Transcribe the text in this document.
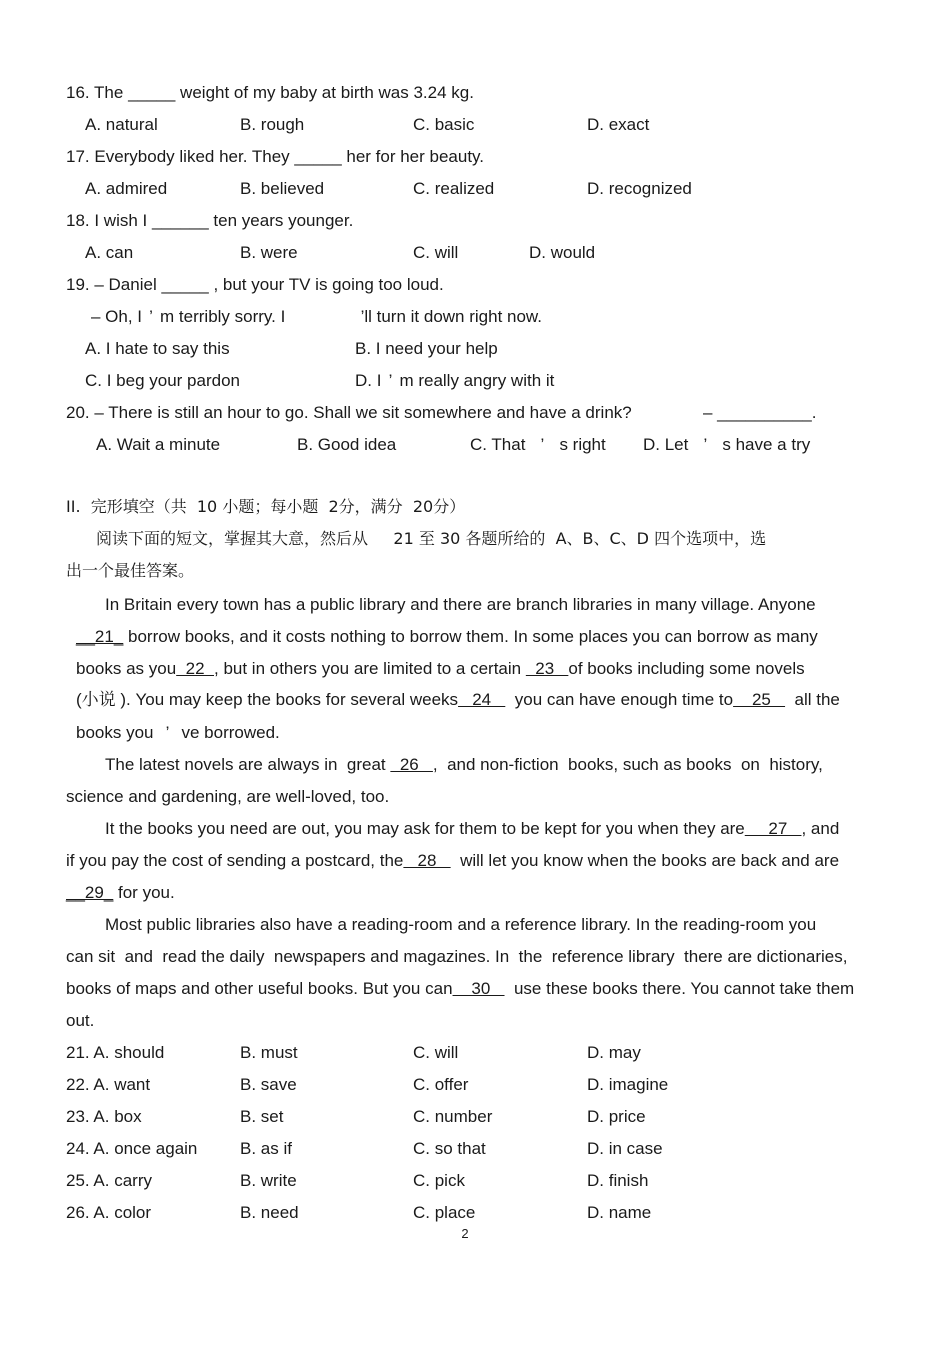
16. The _____ weight of my baby at birth was 3.24 kg.
A. natural	B. rough	C. basic	D. exact
17. Everybody liked her. They _____ her for her beauty.
A. admired	B. believed	C. realized	D. recognized
18. I wish I ______ ten years younger.
A. can	B. were	C. will	D. would
19. – Daniel _____ , but your TV is going too loud.
– Oh, I ’ m terribly sorry. I	’ll turn it down right now.
A. I hate to say this	B. I need your help
C. I beg your pardon	D. I ’ m really angry with it
20. – There is still an hour to go. Shall we sit somewhere and have a drink?	– __________.
A. Wait a minute	B. Good idea	C. That ’ s right D. Let ’ s have a try
II.  完形填空（共  10 小题；每小题  2分，满分  20分）
阅读下面的短文，掌握其大意，然后从     21 至 30 各题所给的  A、B、C、D 四个选项中，选
出一个最佳答案。
In Britain every town has a public library and there are branch libraries in many village. Anyone
__21_ borrow books, and it costs nothing to borrow them. In some places you can borrow as many
books as you  22  , but in others you are limited to a certain   23   of books including some novels
(小说 ). You may keep the books for several weeks   24     you can have enough time to    25     all the
books you ’ ve borrowed.
The latest novels are always in  great   26   ,  and non-fiction  books, such as books  on  history,
science and gardening, are well-loved, too.
It the books you need are out, you may ask for them to be kept for you when they are     27   , and
if you pay the cost of sending a postcard, the   28     will let you know when the books are back and are
__29_ for you.
Most public libraries also have a reading-room and a reference library. In the reading-room you
can sit  and  read the daily  newspapers and magazines. In  the  reference library  there are dictionaries,
books of maps and other useful books. But you can    30     use these books there. You cannot take them
out.
21. A. should	B. must	C. will	D. may
22. A. want	B. save	C. offer	D. imagine
23. A. box	B. set	C. number	D. price
24. A. once again	B. as if	C. so that	D. in case
25. A. carry	B. write	C. pick	D. finish
26. A. color	B. need	C. place	D. name
2
